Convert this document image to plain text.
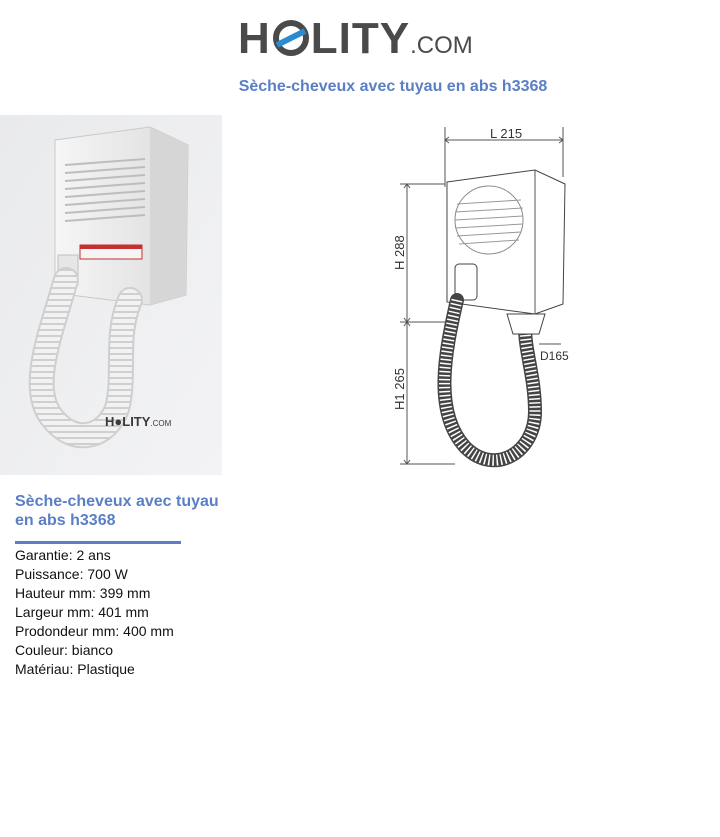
H LITY.COM
Sèche-cheveux avec tuyau en abs h3368
H●LITY.COM
L 215
H 288
H1 265
D165
Sèche-cheveux avec tuyau en abs h3368
Garantie: 2 ans
Puissance: 700 W
Hauteur mm: 399 mm
Largeur mm: 401 mm
Prodondeur mm: 400 mm
Couleur: bianco
Matériau: Plastique
